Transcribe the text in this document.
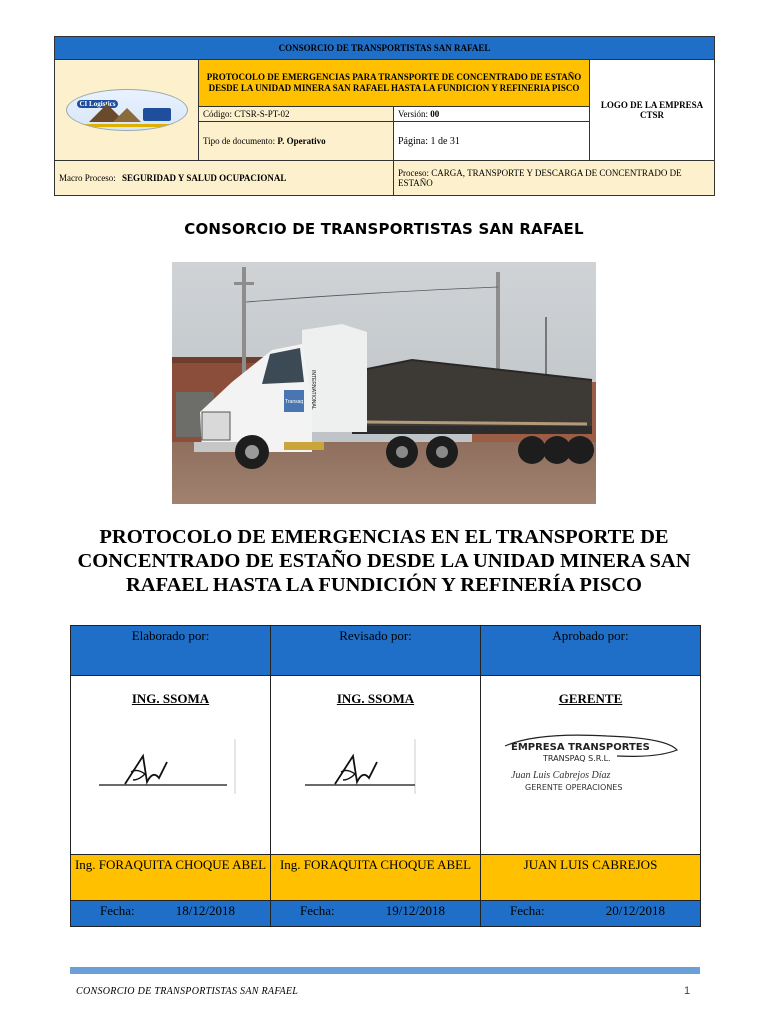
CONSORCIO DE TRANSPORTISTAS SAN RAFAEL			

CI Logistics	PROTOCOLO DE EMERGENCIAS PARA TRANSPORTE DE CONCENTRADO DE ESTAÑO DESDE LA UNIDAD MINERA SAN RAFAEL HASTA LA FUNDICION Y REFINERIA PISCO		LOGO DE LA EMPRESA CTSR
	Código: CTSR-S-PT-02	Versión: 00	
	Tipo de documento: P. Operativo	Página: 1 de 31	
Macro Proceso: SEGURIDAD Y SALUD OCUPACIONAL		Proceso: CARGA, TRANSPORTE Y DESCARGA DE CONCENTRADO DE ESTAÑO	
CONSORCIO DE TRANSPORTISTAS SAN RAFAEL
Transaq INTERNATIONAL
PROTOCOLO DE EMERGENCIAS EN EL TRANSPORTE DE CONCENTRADO DE ESTAÑO DESDE LA UNIDAD MINERA SAN RAFAEL HASTA LA FUNDICIÓN Y REFINERÍA PISCO
Elaborado por:	Revisado por:	Aprobado por:

ING. SSOMA	ING. SSOMA	GERENTE
EMPRESA TRANSPORTES
TRANSPAQ S.R.L.
Juan Luis Cabrejos Díaz
GERENTE OPERACIONES

Ing. FORAQUITA CHOQUE ABEL	Ing. FORAQUITA CHOQUE ABEL	JUAN LUIS CABREJOS

Fecha: 18/12/2018	Fecha: 19/12/2018	Fecha: 20/12/2018
CONSORCIO DE TRANSPORTISTAS SAN RAFAEL	1
